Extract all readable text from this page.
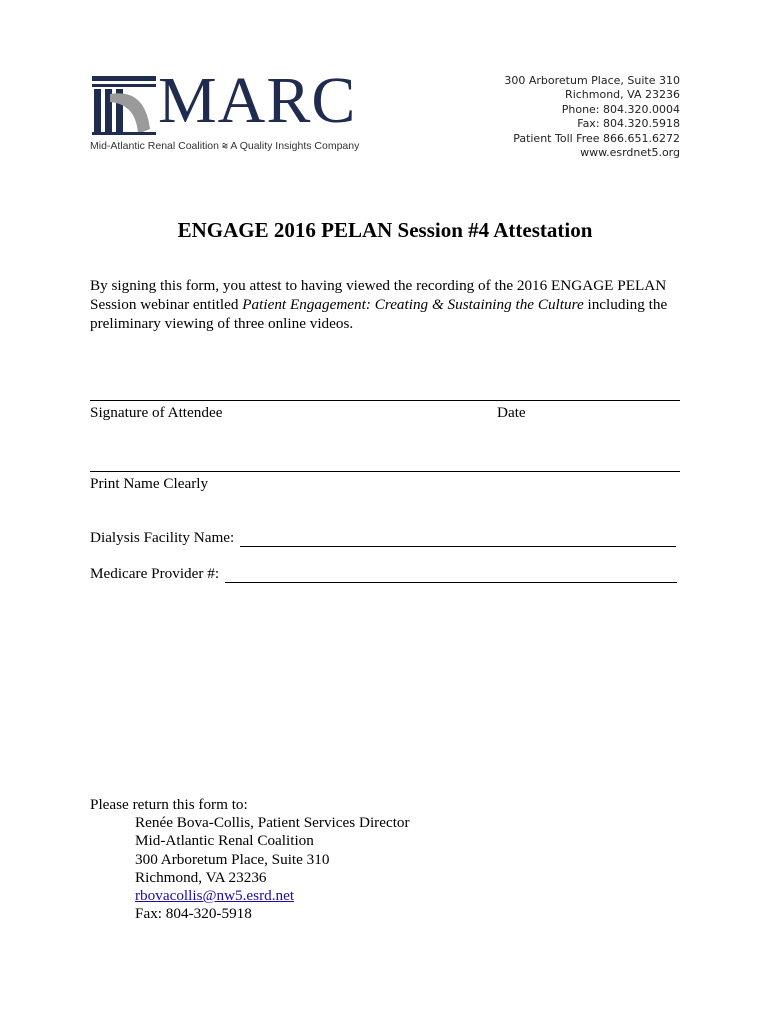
MARC
Mid-Atlantic Renal Coalition ⩬ A Quality Insights Company
300 Arboretum Place, Suite 310
Richmond, VA 23236
Phone: 804.320.0004
Fax: 804.320.5918
Patient Toll Free 866.651.6272
www.esrdnet5.org
ENGAGE 2016 PELAN Session #4 Attestation
By signing this form, you attest to having viewed the recording of the 2016 ENGAGE PELAN Session webinar entitled Patient Engagement: Creating & Sustaining the Culture including the preliminary viewing of three online videos.
Signature of Attendee	Date
Print Name Clearly
Dialysis Facility Name:
Medicare Provider #:
Please return this form to:
Renée Bova-Collis, Patient Services Director
Mid-Atlantic Renal Coalition
300 Arboretum Place, Suite 310
Richmond, VA 23236
rbovacollis@nw5.esrd.net
Fax: 804-320-5918
